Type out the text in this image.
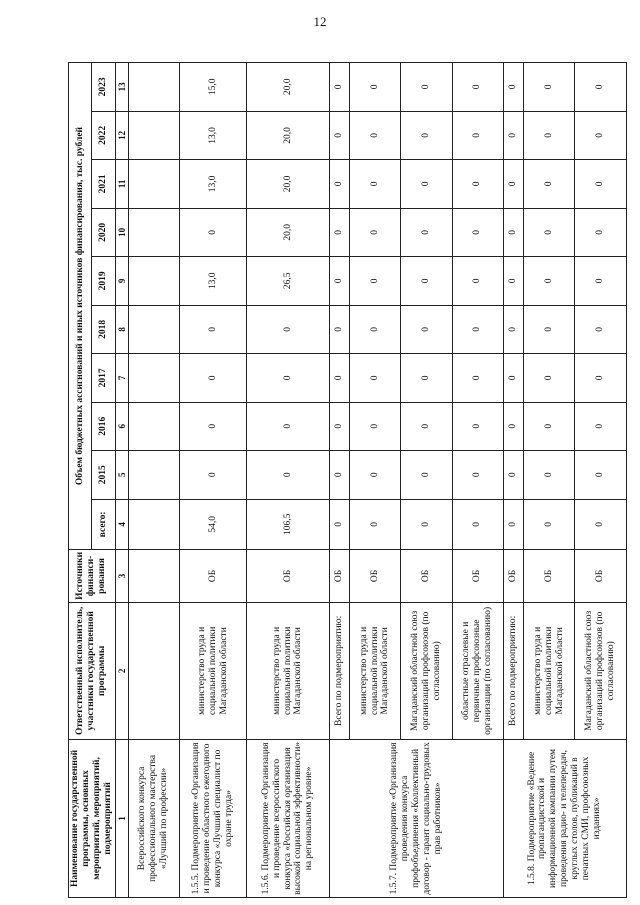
12
Наименование государственной программы, основных мероприятий, мероприятий, подмероприятий	Ответственный исполнитель, участники государственной программы	Источники финанси-рования	Объем бюджетных ассигнований и иных источников финансирования, тыс. рублей									
			всего:	2015	2016	2017	2018	2019	2020	2021	2022	2023
1	2	3	4	5	6	7	8	9	10	11	12	13
Всероссийского конкурса профессионального мастерства «Лучший по профессии»												
1.5.5. Подмероприятие «Организация и проведение областного ежегодного конкурса «Лучший специалист по охране труда»	министерство труда и социальной политики Магаданской области	ОБ	54,0	0	0	0	0	13,0	0	13,0	13,0	15,0
1.5.6. Подмероприятие «Организация и проведение всероссийского конкурса «Российская организация высокой социальной эффективности» на региональном уровне»	министерство труда и социальной политики Магаданской области	ОБ	106,5	0	0	0	0	26,5	20,0	20,0	20,0	20,0
1.5.7. Подмероприятие «Организация проведения конкурса профобъединения «Коллективный договор - гарант социально-трудовых прав работников»	Всего по подмероприятию:	ОБ	0	0	0	0	0	0	0	0	0	0
	министерство труда и социальной политики Магаданской области	ОБ	0	0	0	0	0	0	0	0	0	0
	Магаданский областной союз организаций профсоюзов (по согласованию)	ОБ	0	0	0	0	0	0	0	0	0	0
	областные отраслевые и первичные профсоюзные организации (по согласованию)	ОБ	0	0	0	0	0	0	0	0	0	0
1.5.8. Подмероприятие «Ведение пропагандистской и информационной компании путем проведения радио- и телепередач, круглых столов, публикаций в печатных СМИ, профсоюзных изданиях»	Всего по подмероприятию:	ОБ	0	0	0	0	0	0	0	0	0	0
	министерство труда и социальной политики Магаданской области	ОБ	0	0	0	0	0	0	0	0	0	0
	Магаданский областной союз организаций профсоюзов (по согласованию)	ОБ	0	0	0	0	0	0	0	0	0	0
